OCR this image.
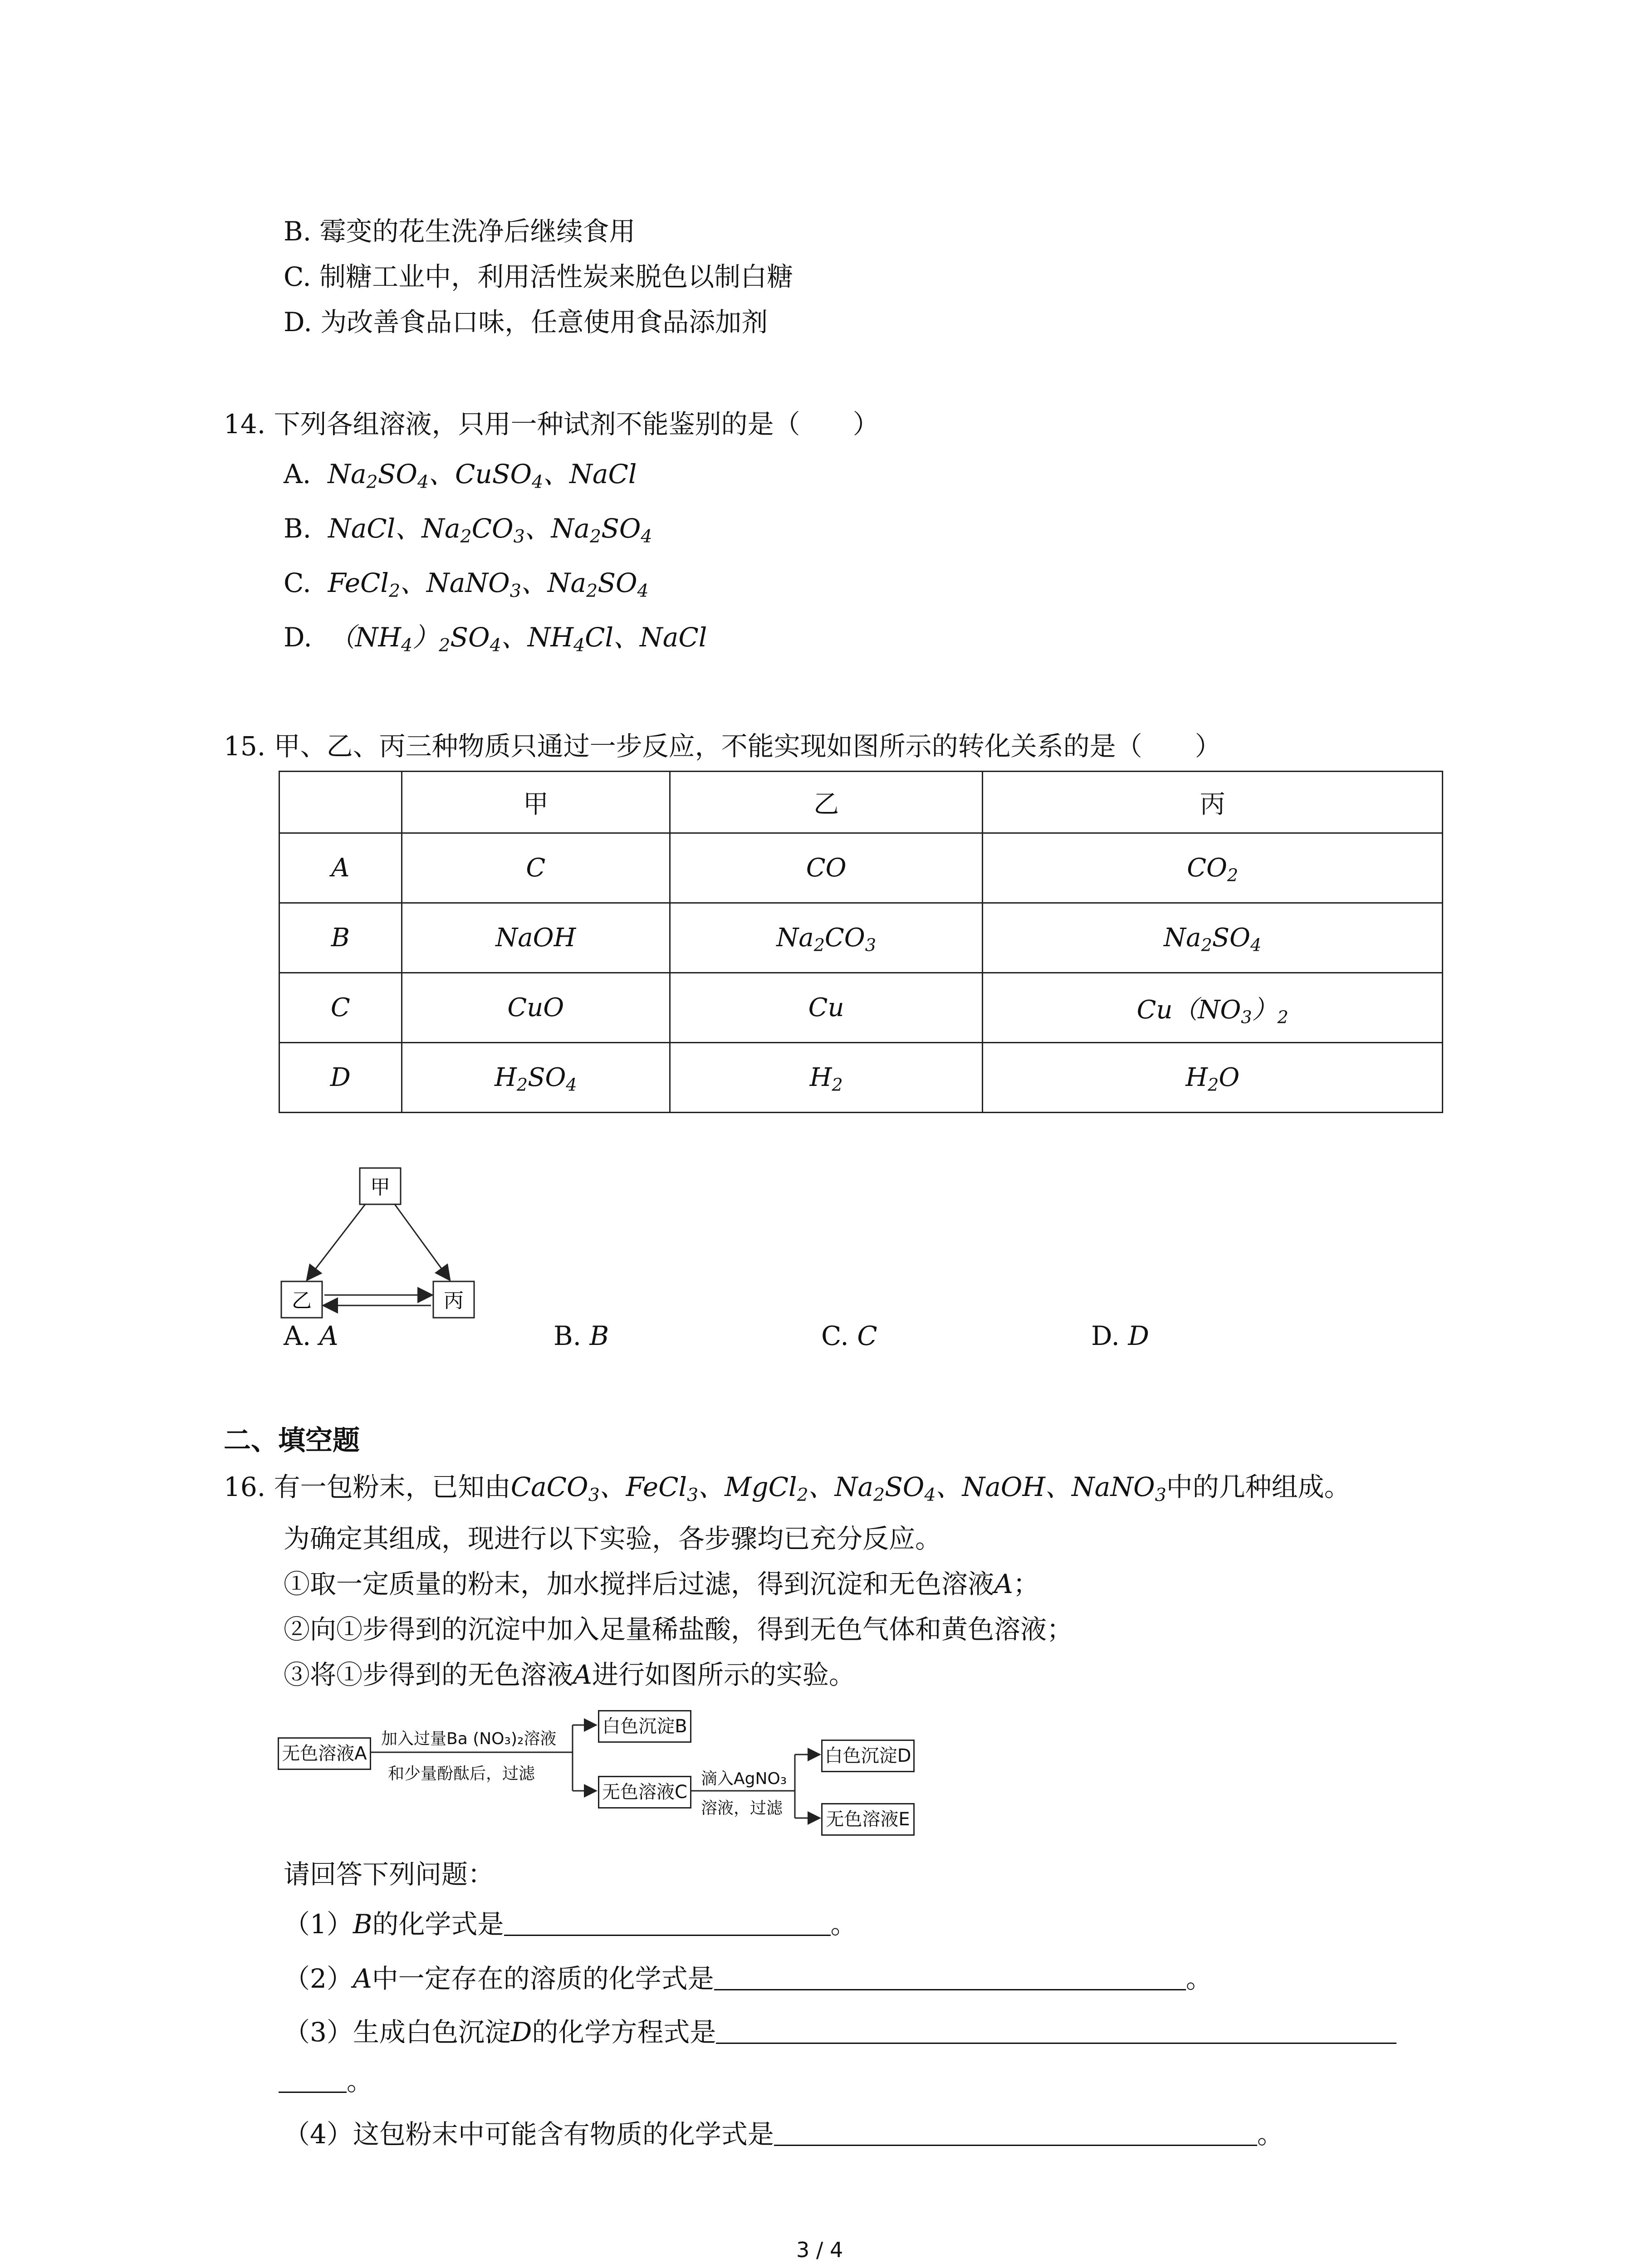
B. 霉变的花生洗净后继续食用
C. 制糖工业中，利用活性炭来脱色以制白糖
D. 为改善食品口味，任意使用食品添加剂
14. 下列各组溶液，只用一种试剂不能鉴别的是（　　）
A. $Na_2SO_4$、CuSO$_4$、NaCl
B. NaCl、$Na_2CO_3$、$Na_2SO_4$
C. FeCl$_2$、NaNO$_3$、$Na_2SO_4$
D. $(NH_4)_2SO_4$、$NH_4Cl$、NaCl
15. 甲、乙、丙三种物质只通过一步反应，不能实现如图所示的转化关系的是（　　）
	甲	乙	丙
A	C	CO	$CO_2$
B	NaOH	$Na_2CO_3$	$Na_2SO_4$
C	CuO	Cu	$Cu(NO_3)_2$
D	$H_2SO_4$	$H_2$	$H_2O$
甲
乙	丙
A. A	B. B	C. C	D. D
二、填空题
16. 有一包粉末，已知由CaCO$_3$、FeCl$_3$、MgCl$_2$、$Na_2SO_4$、NaOH、NaNO$_3$中的几种组成。
为确定其组成，现进行以下实验，各步骤均已充分反应。
①取一定质量的粉末，加水搅拌后过滤，得到沉淀和无色溶液A；
②向①步得到的沉淀中加入足量稀盐酸，得到无色气体和黄色溶液；
③将①步得到的无色溶液A进行如图所示的实验。
无色溶液A
加入过量Ba (NO₃)₂溶液
和少量酚酞后，过滤
白色沉淀B
无色溶液C
滴入AgNO₃
溶液，过滤
白色沉淀D
无色溶液E
请回答下列问题：
（1）B的化学式是	。
（2）A中一定存在的溶质的化学式是	。
（3）生成白色沉淀D的化学方程式是
。
（4）这包粉末中可能含有物质的化学式是	。
3 / 4
